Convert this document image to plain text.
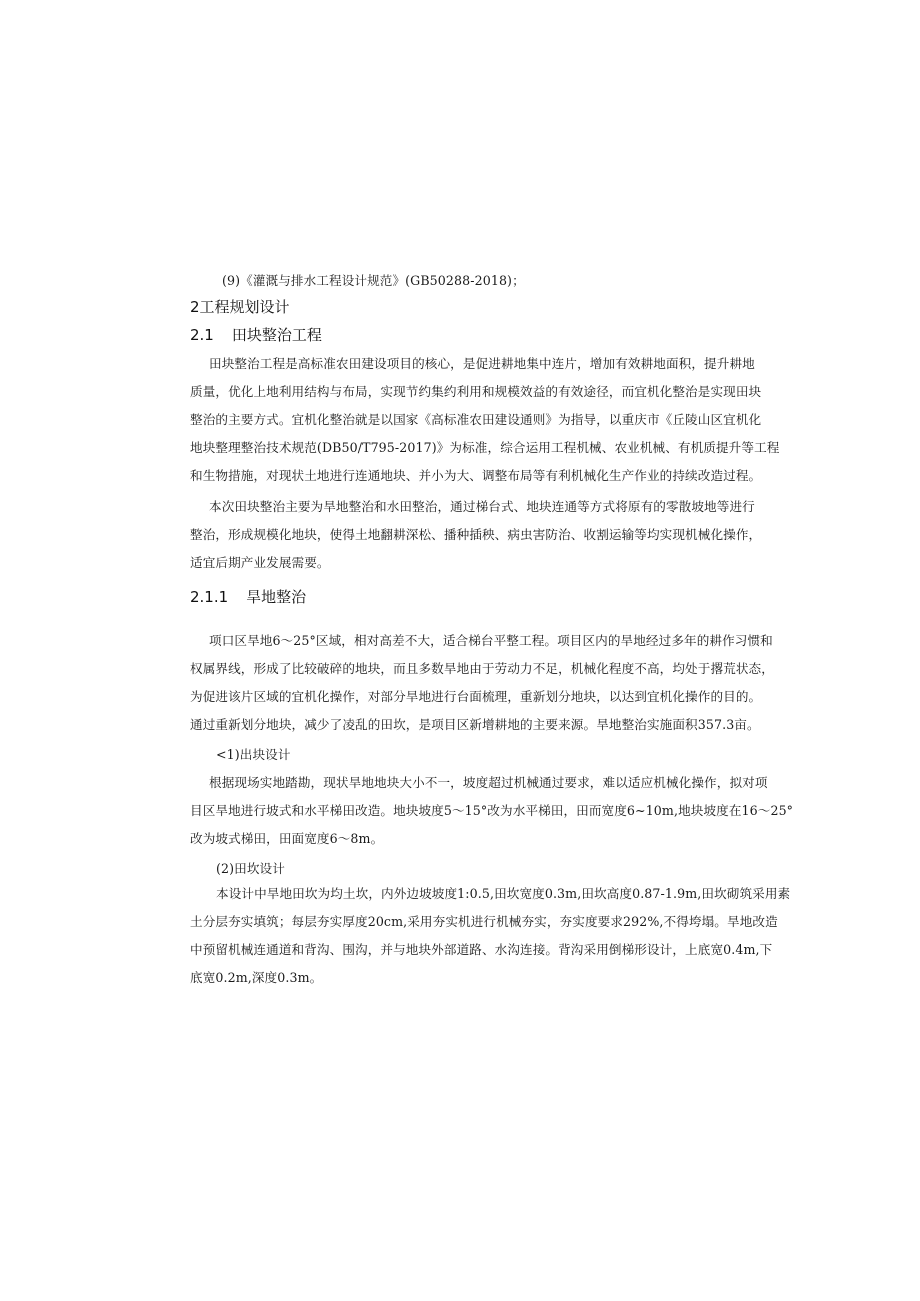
(9)《灌溉与排水工程设计规范》(GB50288-2018)；
2工程规划设计
2.1 田块整治工程
田块整治工程是高标准农田建设项目的核心，是促进耕地集中连片，增加有效耕地面积，提升耕地
质量，优化上地利用结构与布局，实现节约集约利用和规模效益的有效途径，而宜机化整治是实现田块
整治的主要方式。宜机化整治就是以国家《高标准农田建设通则》为指导，以重庆市《丘陵山区宜机化
地块整理整治技术规范(DB50/T795-2017)》为标准，综合运用工程机械、农业机械、有机质提升等工程
和生物措施，对现状土地进行连通地块、并小为大、调整布局等有利机械化生产作业的持续改造过程。
本次田块整治主要为旱地整治和水田整治，通过梯台式、地块连通等方式将原有的零散坡地等进行
整治，形成规模化地块，使得土地翻耕深松、播种插秧、病虫害防治、收割运输等均实现机械化操作，
适宜后期产业发展需要。
2.1.1 旱地整治
项口区旱地6～25°区域，相对高差不大，适合梯台平整工程。项目区内的旱地经过多年的耕作习惯和
权属界线，形成了比较破碎的地块，而且多数旱地由于劳动力不足，机械化程度不高，均处于撂荒状态，
为促进该片区域的宜机化操作，对部分旱地进行台面梳理，重新划分地块，以达到宜机化操作的目的。
通过重新划分地块，减少了凌乱的田坎，是项目区新增耕地的主要来源。旱地整治实施面积357.3亩。
<1)出块设计
根据现场实地踏勘，现状旱地地块大小不一，坡度超过机械通过要求，难以适应机械化操作，拟对项
目区旱地进行坡式和水平梯田改造。地块坡度5～15°改为水平梯田，田而宽度6~10m,地块坡度在16～25°
改为坡式梯田，田面宽度6～8m。
(2)田坎设计
本设计中旱地田坎为均土坎，内外边坡坡度1:0.5,田坎宽度0.3m,田坎高度0.87-1.9m,田坎砌筑采用素
土分层夯实填筑；每层夯实厚度20cm,采用夯实机进行机械夯实，夯实度要求292%,不得垮塌。旱地改造
中预留机械连通道和背沟、围沟，并与地块外部道路、水沟连接。背沟采用倒梯形设计，上底宽0.4m,下
底宽0.2m,深度0.3m。
